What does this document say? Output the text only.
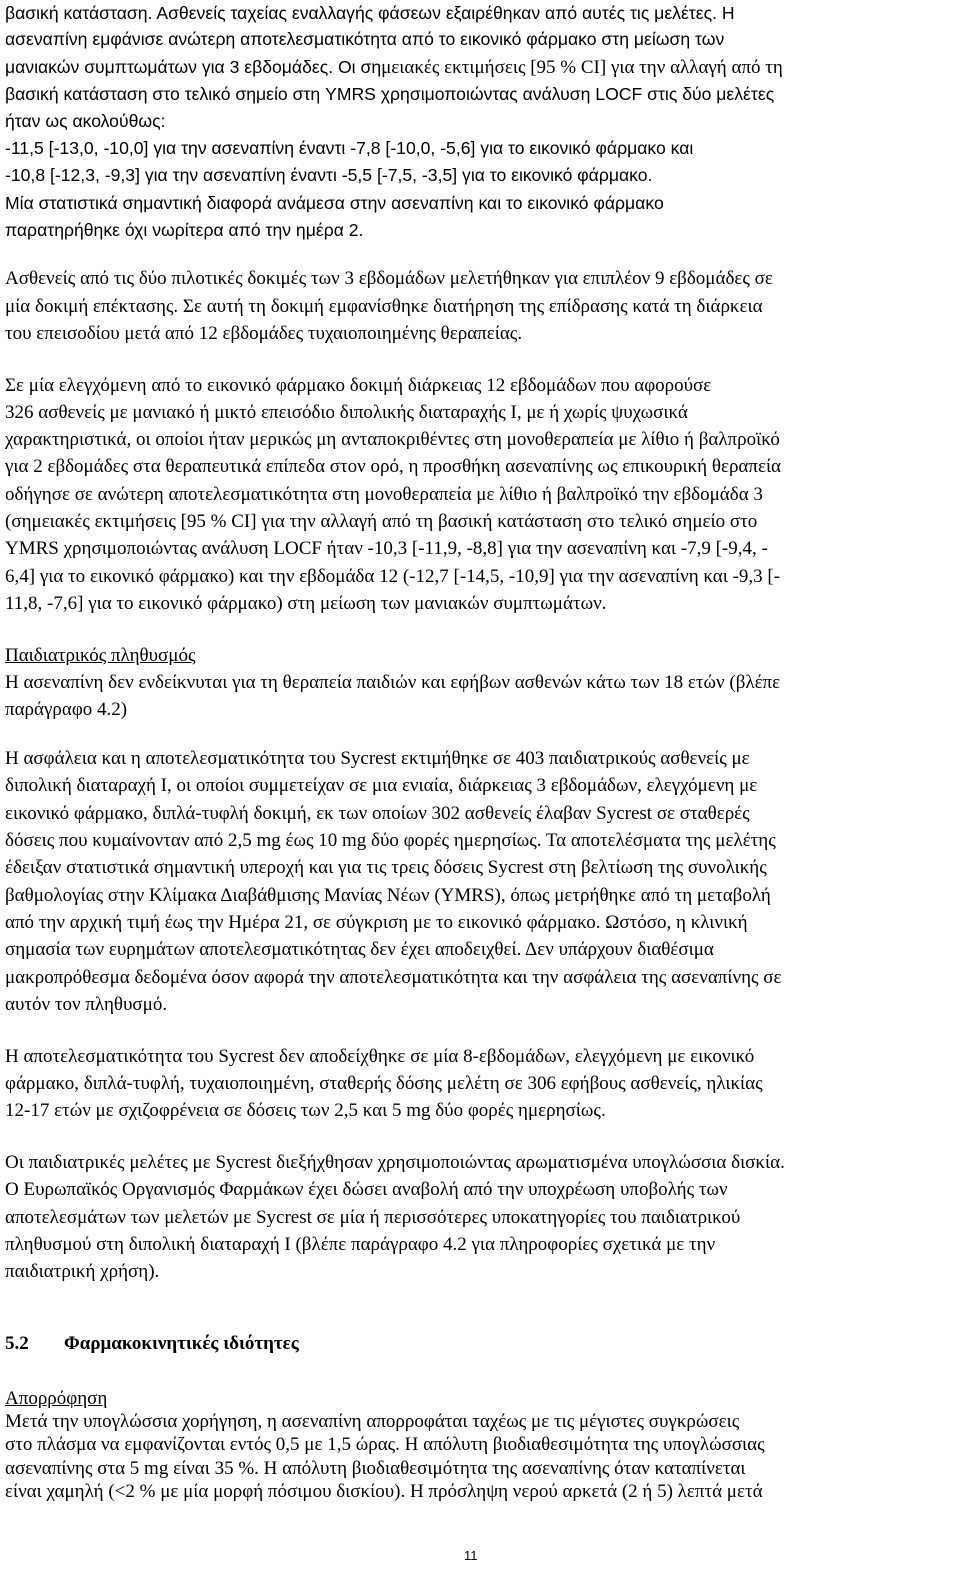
βασική κατάσταση. Ασθενείς ταχείας εναλλαγής φάσεων εξαιρέθηκαν από αυτές τις μελέτες. Η
ασεναπίνη εμφάνισε ανώτερη αποτελεσματικότητα από το εικονικό φάρμακο στη μείωση των
μανιακών συμπτωμάτων για 3 εβδομάδες. Οι σημειακές εκτιμήσεις [95 % CI] για την αλλαγή από τη
βασική κατάσταση στο τελικό σημείο στη YMRS χρησιμοποιώντας ανάλυση LOCF στις δύο μελέτες
ήταν ως ακολούθως:
-11,5 [-13,0, -10,0] για την ασεναπίνη έναντι -7,8 [-10,0, -5,6] για το εικονικό φάρμακο και
-10,8 [-12,3, -9,3] για την ασεναπίνη έναντι -5,5 [-7,5, -3,5] για το εικονικό φάρμακο.
Μία στατιστικά σημαντική διαφορά ανάμεσα στην ασεναπίνη και το εικονικό φάρμακο
παρατηρήθηκε όχι νωρίτερα από την ημέρα 2.
Ασθενείς από τις δύο πιλοτικές δοκιμές των 3 εβδομάδων μελετήθηκαν για επιπλέον 9 εβδομάδες σε
μία δοκιμή επέκτασης. Σε αυτή τη δοκιμή εμφανίσθηκε διατήρηση της επίδρασης κατά τη διάρκεια
του επεισοδίου μετά από 12 εβδομάδες τυχαιοποιημένης θεραπείας.
Σε μία ελεγχόμενη από το εικονικό φάρμακο δοκιμή διάρκειας 12 εβδομάδων που αφορούσε
326 ασθενείς με μανιακό ή μικτό επεισόδιο διπολικής διαταραχής Ι, με ή χωρίς ψυχωσικά
χαρακτηριστικά, οι οποίοι ήταν μερικώς μη ανταποκριθέντες στη μονοθεραπεία με λίθιο ή βαλπροϊκό
για 2 εβδομάδες στα θεραπευτικά επίπεδα στον ορό, η προσθήκη ασεναπίνης ως επικουρική θεραπεία
οδήγησε σε ανώτερη αποτελεσματικότητα στη μονοθεραπεία με λίθιο ή βαλπροϊκό την εβδομάδα 3
(σημειακές εκτιμήσεις [95 % CI] για την αλλαγή από τη βασική κατάσταση στο τελικό σημείο στο
YMRS χρησιμοποιώντας ανάλυση LOCF ήταν -10,3 [-11,9, -8,8] για την ασεναπίνη και -7,9 [-9,4, -
6,4] για το εικονικό φάρμακο) και την εβδομάδα 12 (-12,7 [-14,5, -10,9] για την ασεναπίνη και -9,3 [-
11,8, -7,6] για το εικονικό φάρμακο) στη μείωση των μανιακών συμπτωμάτων.
Παιδιατρικός πληθυσμός
Η ασεναπίνη δεν ενδείκνυται για τη θεραπεία παιδιών και εφήβων ασθενών κάτω των 18 ετών (βλέπε
παράγραφο 4.2)
Η ασφάλεια και η αποτελεσματικότητα του Sycrest εκτιμήθηκε σε 403 παιδιατρικούς ασθενείς με
διπολική διαταραχή Ι, οι οποίοι συμμετείχαν σε μια ενιαία, διάρκειας 3 εβδομάδων, ελεγχόμενη με
εικονικό φάρμακο, διπλά-τυφλή δοκιμή, εκ των οποίων 302 ασθενείς έλαβαν Sycrest σε σταθερές
δόσεις που κυμαίνονταν από 2,5 mg έως 10 mg δύο φορές ημερησίως. Τα αποτελέσματα της μελέτης
έδειξαν στατιστικά σημαντική υπεροχή και για τις τρεις δόσεις Sycrest στη βελτίωση της συνολικής
βαθμολογίας στην Κλίμακα Διαβάθμισης Μανίας Νέων (YMRS), όπως μετρήθηκε από τη μεταβολή
από την αρχική τιμή έως την Ημέρα 21, σε σύγκριση με το εικονικό φάρμακο. Ωστόσο, η κλινική
σημασία των ευρημάτων αποτελεσματικότητας δεν έχει αποδειχθεί. Δεν υπάρχουν διαθέσιμα
μακροπρόθεσμα δεδομένα όσον αφορά την αποτελεσματικότητα και την ασφάλεια της ασεναπίνης σε
αυτόν τον πληθυσμό.
Η αποτελεσματικότητα του Sycrest δεν αποδείχθηκε σε μία 8-εβδομάδων, ελεγχόμενη με εικονικό
φάρμακο, διπλά-τυφλή, τυχαιοποιημένη, σταθερής δόσης μελέτη σε 306 εφήβους ασθενείς, ηλικίας
12-17 ετών με σχιζοφρένεια σε δόσεις των 2,5 και 5 mg δύο φορές ημερησίως.
Οι παιδιατρικές μελέτες με Sycrest διεξήχθησαν χρησιμοποιώντας αρωματισμένα υπογλώσσια δισκία.
Ο Ευρωπαϊκός Οργανισμός Φαρμάκων έχει δώσει αναβολή από την υποχρέωση υποβολής των
αποτελεσμάτων των μελετών με Sycrest σε μία ή περισσότερες υποκατηγορίες του παιδιατρικού
πληθυσμού στη διπολική διαταραχή Ι (βλέπε παράγραφο 4.2 για πληροφορίες σχετικά με την
παιδιατρική χρήση).
5.2 Φαρμακοκινητικές ιδιότητες
Απορρόφηση
Μετά την υπογλώσσια χορήγηση, η ασεναπίνη απορροφάται ταχέως με τις μέγιστες συγκρώσεις
στο πλάσμα να εμφανίζονται εντός 0,5 με 1,5 ώρας. Η απόλυτη βιοδιαθεσιμότητα της υπογλώσσιας
ασεναπίνης στα 5 mg είναι 35 %. Η απόλυτη βιοδιαθεσιμότητα της ασεναπίνης όταν καταπίνεται
είναι χαμηλή (<2 % με μία μορφή πόσιμου δισκίου). Η πρόσληψη νερού αρκετά (2 ή 5) λεπτά μετά
11
